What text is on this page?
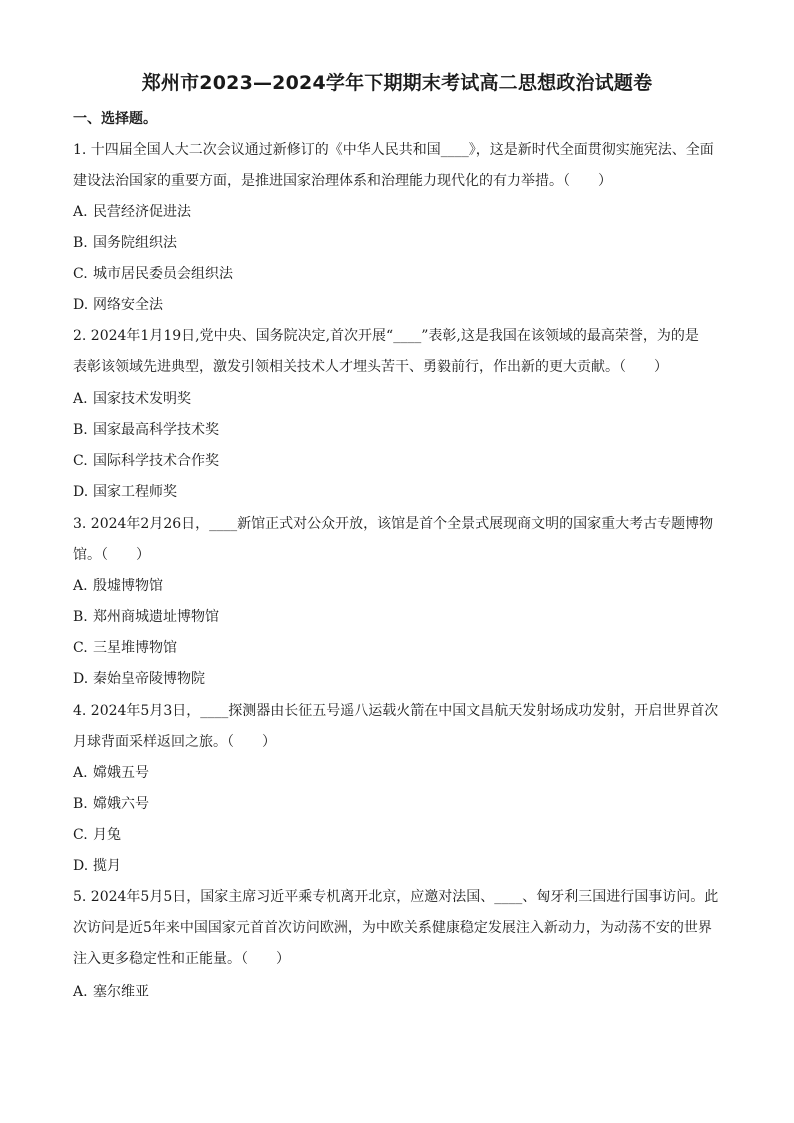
郑州市2023—2024学年下期期末考试高二思想政治试题卷
一、选择题。
1. 十四届全国人大二次会议通过新修订的《中华人民共和国____》，这是新时代全面贯彻实施宪法、全面
建设法治国家的重要方面，是推进国家治理体系和治理能力现代化的有力举措。（　　）
A. 民营经济促进法
B. 国务院组织法
C. 城市居民委员会组织法
D. 网络安全法
2. 2024年1月19日,党中央、国务院决定,首次开展“____”表彰,这是我国在该领域的最高荣誉，为的是
表彰该领域先进典型，激发引领相关技术人才埋头苦干、勇毅前行，作出新的更大贡献。（　　）
A. 国家技术发明奖
B. 国家最高科学技术奖
C. 国际科学技术合作奖
D. 国家工程师奖
3. 2024年2月26日，____新馆正式对公众开放，该馆是首个全景式展现商文明的国家重大考古专题博物
馆。（　　）
A. 殷墟博物馆
B. 郑州商城遗址博物馆
C. 三星堆博物馆
D. 秦始皇帝陵博物院
4. 2024年5月3日，____探测器由长征五号遥八运载火箭在中国文昌航天发射场成功发射，开启世界首次
月球背面采样返回之旅。（　　）
A. 嫦娥五号
B. 嫦娥六号
C. 月兔
D. 揽月
5. 2024年5月5日，国家主席习近平乘专机离开北京，应邀对法国、____、匈牙利三国进行国事访问。此
次访问是近5年来中国国家元首首次访问欧洲，为中欧关系健康稳定发展注入新动力，为动荡不安的世界
注入更多稳定性和正能量。（　　）
A. 塞尔维亚
